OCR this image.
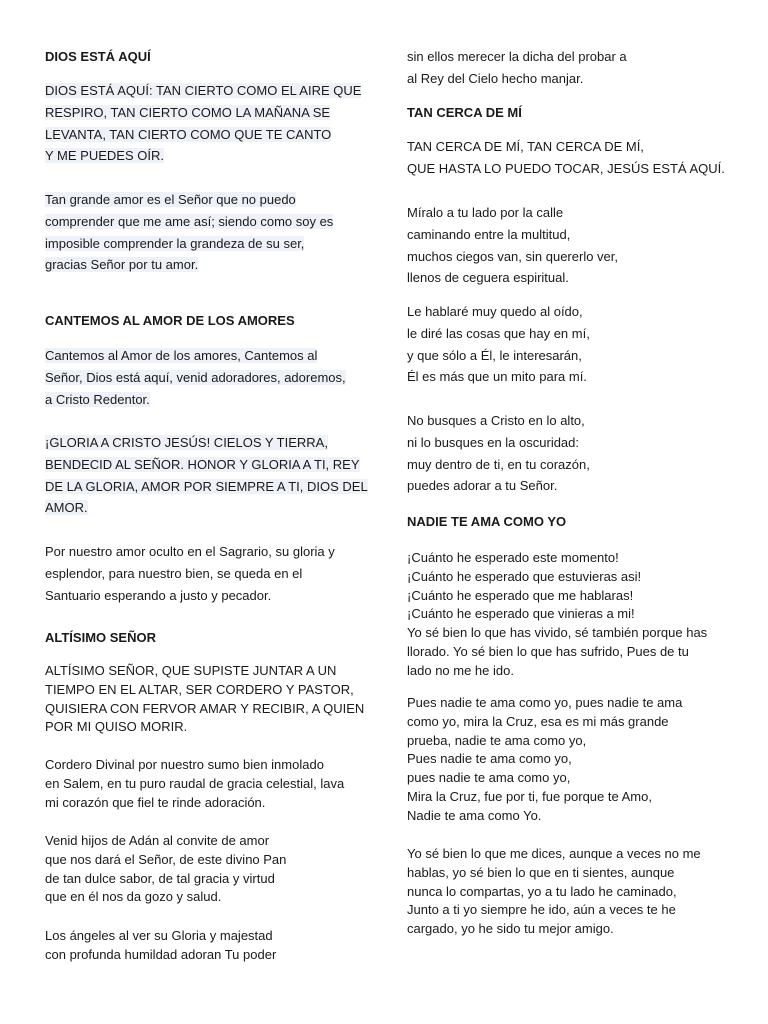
DIOS ESTÁ AQUÍ
DIOS ESTÁ AQUÍ: TAN CIERTO COMO EL AIRE QUE
RESPIRO, TAN CIERTO COMO LA MAÑANA SE
LEVANTA, TAN CIERTO COMO QUE TE CANTO
Y ME PUEDES OÍR.
Tan grande amor es el Señor que no puedo
comprender que me ame así; siendo como soy es
imposible comprender la grandeza de su ser,
gracias Señor por tu amor.
CANTEMOS AL AMOR DE LOS AMORES
Cantemos al Amor de los amores, Cantemos al
Señor, Dios está aquí, venid adoradores, adoremos,
a Cristo Redentor.
¡GLORIA A CRISTO JESÚS! CIELOS Y TIERRA,
BENDECID AL SEÑOR. HONOR Y GLORIA A TI, REY
DE LA GLORIA, AMOR POR SIEMPRE A TI, DIOS DEL
AMOR.
Por nuestro amor oculto en el Sagrario, su gloria y
esplendor, para nuestro bien, se queda en el
Santuario esperando a justo y pecador.
ALTÍSIMO SEÑOR
ALTÍSIMO SEÑOR, QUE SUPISTE JUNTAR A UN
TIEMPO EN EL ALTAR, SER CORDERO Y PASTOR,
QUISIERA CON FERVOR AMAR Y RECIBIR, A QUIEN
POR MI QUISO MORIR.
Cordero Divinal por nuestro sumo bien inmolado
en Salem, en tu puro raudal de gracia celestial, lava
mi corazón que fiel te rinde adoración.
Venid hijos de Adán al convite de amor
que nos dará el Señor, de este divino Pan
de tan dulce sabor, de tal gracia y virtud
que en él nos da gozo y salud.
Los ángeles al ver su Gloria y majestad
con profunda humildad adoran Tu poder
sin ellos merecer la dicha del probar a
al Rey del Cielo hecho manjar.
TAN CERCA DE MÍ
TAN CERCA DE MÍ, TAN CERCA DE MÍ,
QUE HASTA LO PUEDO TOCAR, JESÚS ESTÁ AQUÍ.
Míralo a tu lado por la calle
caminando entre la multitud,
muchos ciegos van, sin quererlo ver,
llenos de ceguera espiritual.
Le hablaré muy quedo al oído,
le diré las cosas que hay en mí,
y que sólo a Él, le interesarán,
Él es más que un mito para mí.
No busques a Cristo en lo alto,
ni lo busques en la oscuridad:
muy dentro de ti, en tu corazón,
puedes adorar a tu Señor.
NADIE TE AMA COMO YO
¡Cuánto he esperado este momento!
¡Cuánto he esperado que estuvieras asi!
¡Cuánto he esperado que me hablaras!
¡Cuánto he esperado que vinieras a mi!
Yo sé bien lo que has vivido, sé también porque has
llorado. Yo sé bien lo que has sufrido, Pues de tu
lado no me he ido.
Pues nadie te ama como yo, pues nadie te ama
como yo, mira la Cruz, esa es mi más grande
prueba, nadie te ama como yo,
Pues nadie te ama como yo,
pues nadie te ama como yo,
Mira la Cruz, fue por ti, fue porque te Amo,
Nadie te ama como Yo.
Yo sé bien lo que me dices, aunque a veces no me
hablas, yo sé bien lo que en ti sientes, aunque
nunca lo compartas, yo a tu lado he caminado,
Junto a ti yo siempre he ido, aún a veces te he
cargado, yo he sido tu mejor amigo.
